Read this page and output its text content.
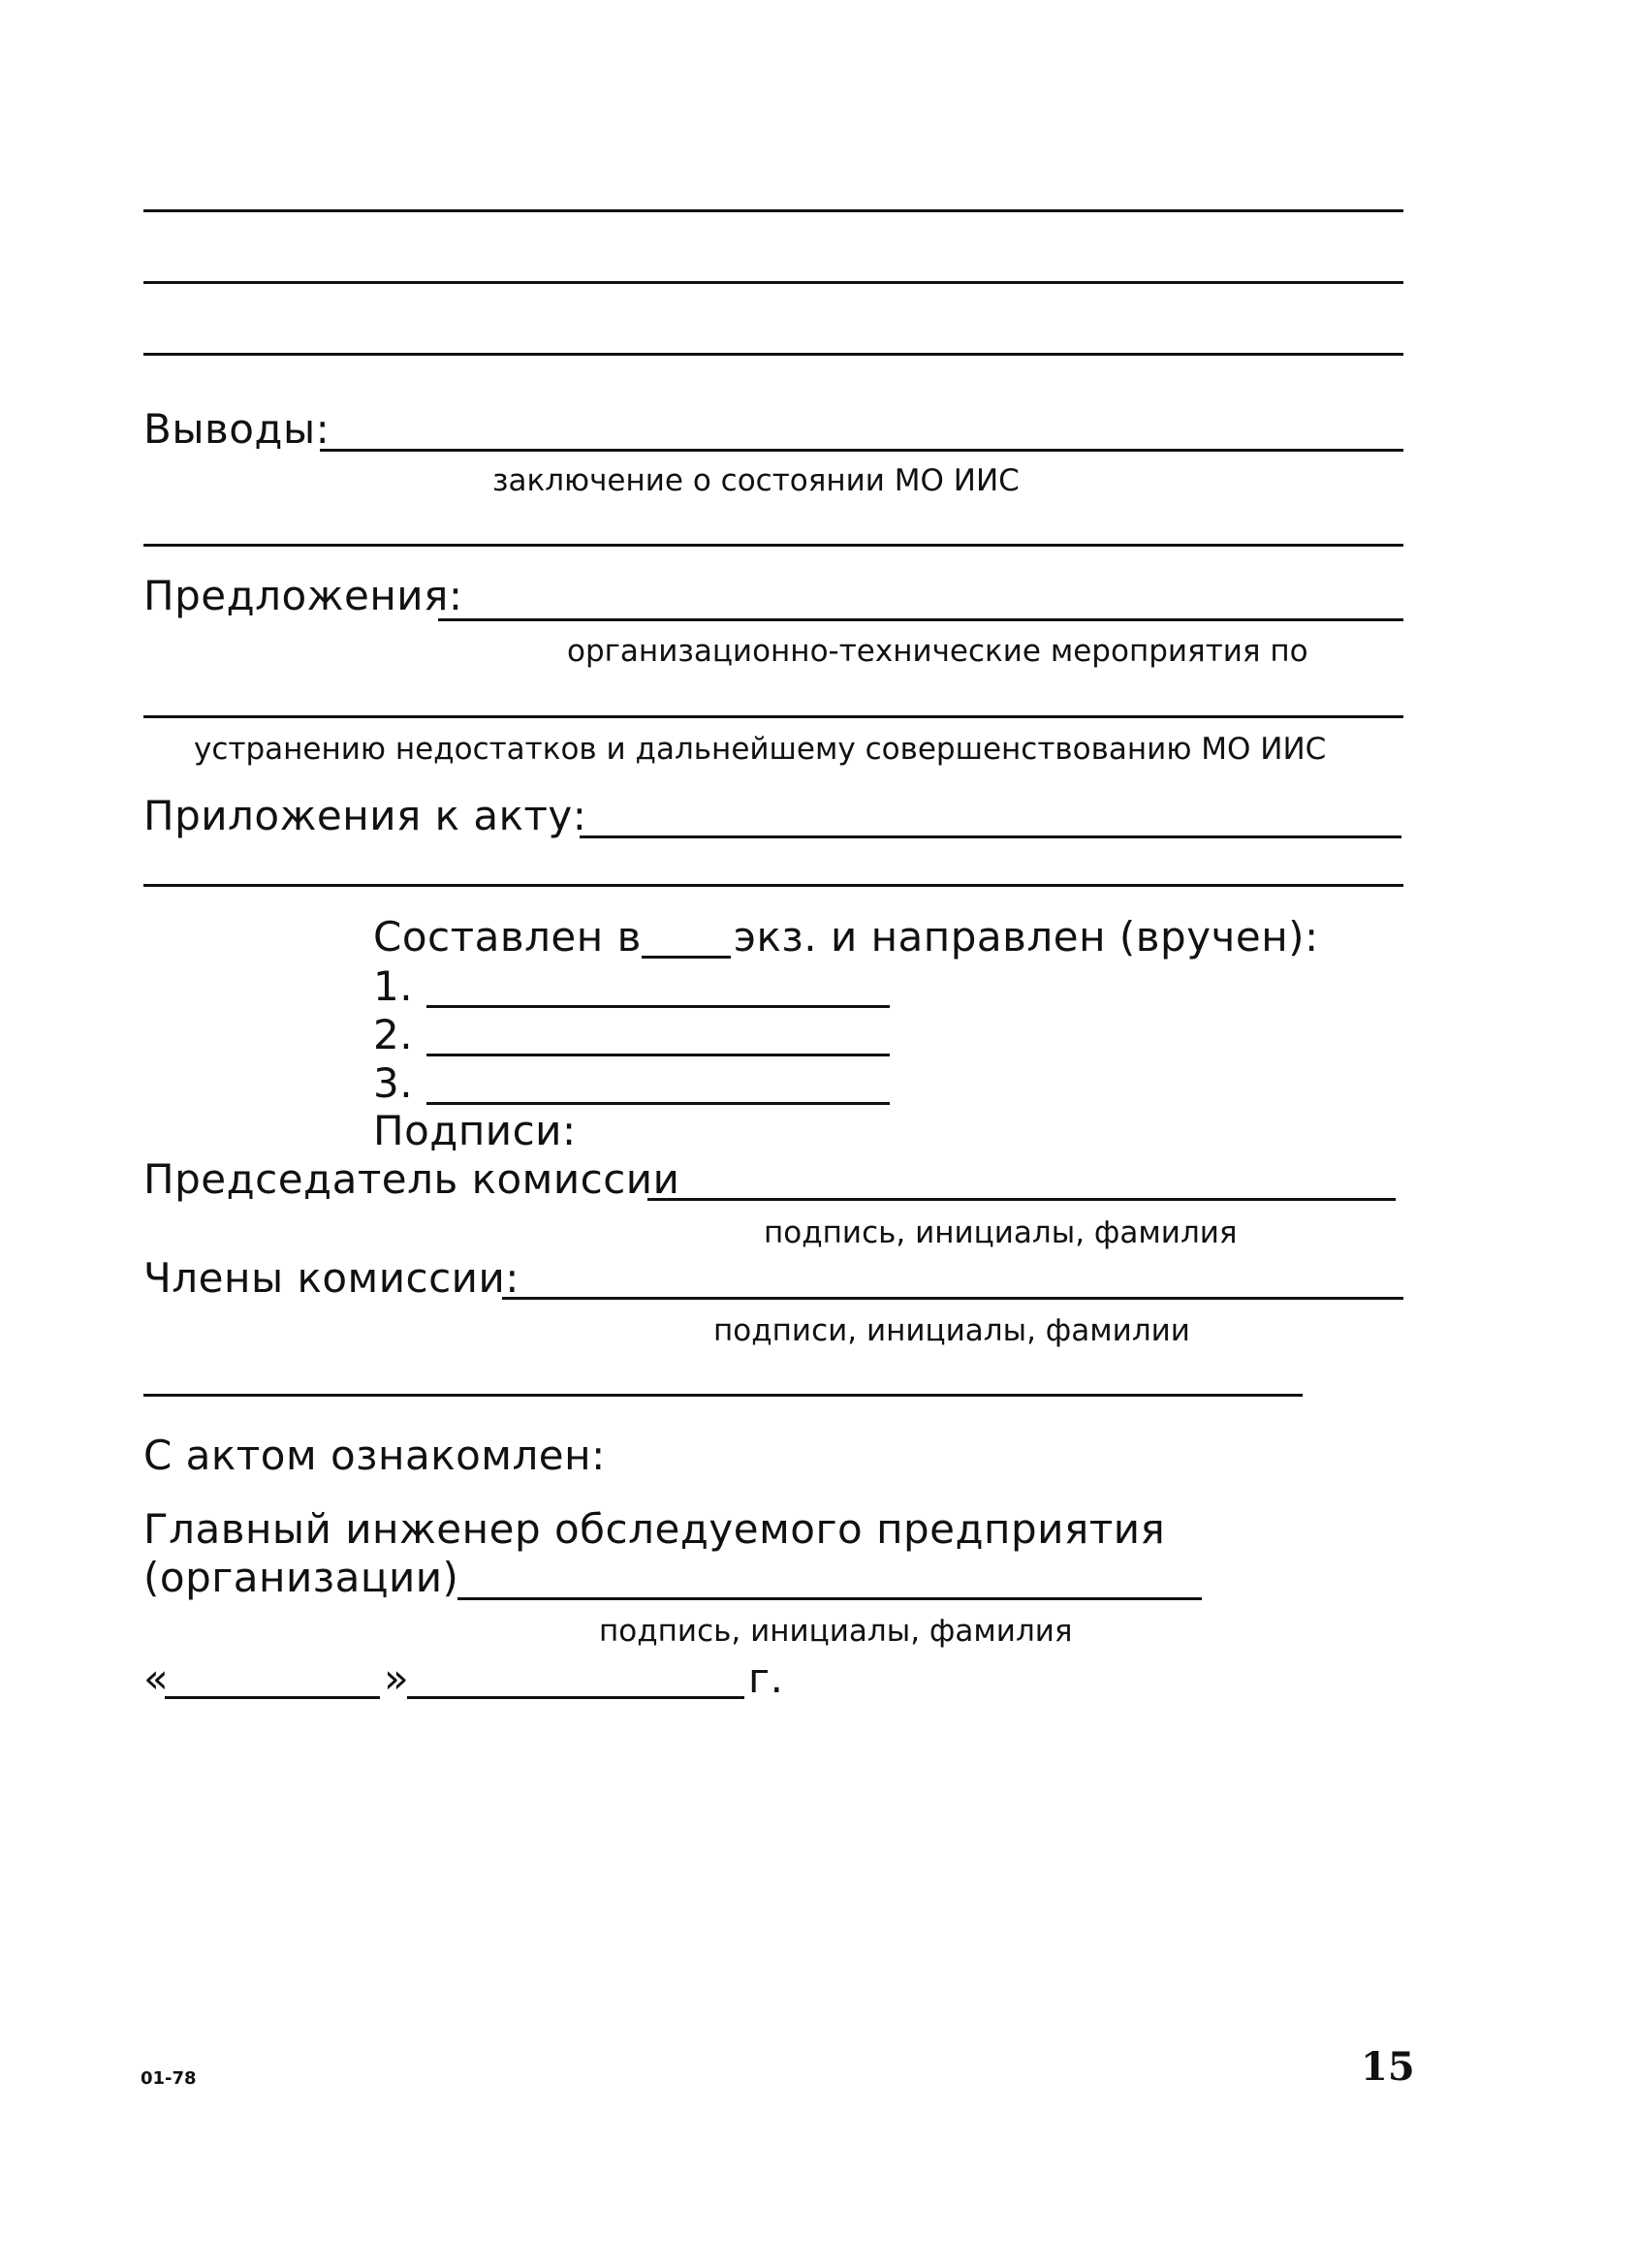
Выводы:
заключение о состоянии МО ИИС
Предложения:
организационно-технические мероприятия по
устранению недостатков и дальнейшему совершенствованию МО ИИС
Приложения к акту:
Составлен в экз. и направлен (вручен):
1.
2.
3.
Подписи:
Председатель комиссии
подпись, инициалы, фамилия
Члены комиссии:
подписи, инициалы, фамилии
С актом ознакомлен:
Главный инженер обследуемого предприятия
(организации)
подпись, инициалы, фамилия
«	»	г.
01-78	15
